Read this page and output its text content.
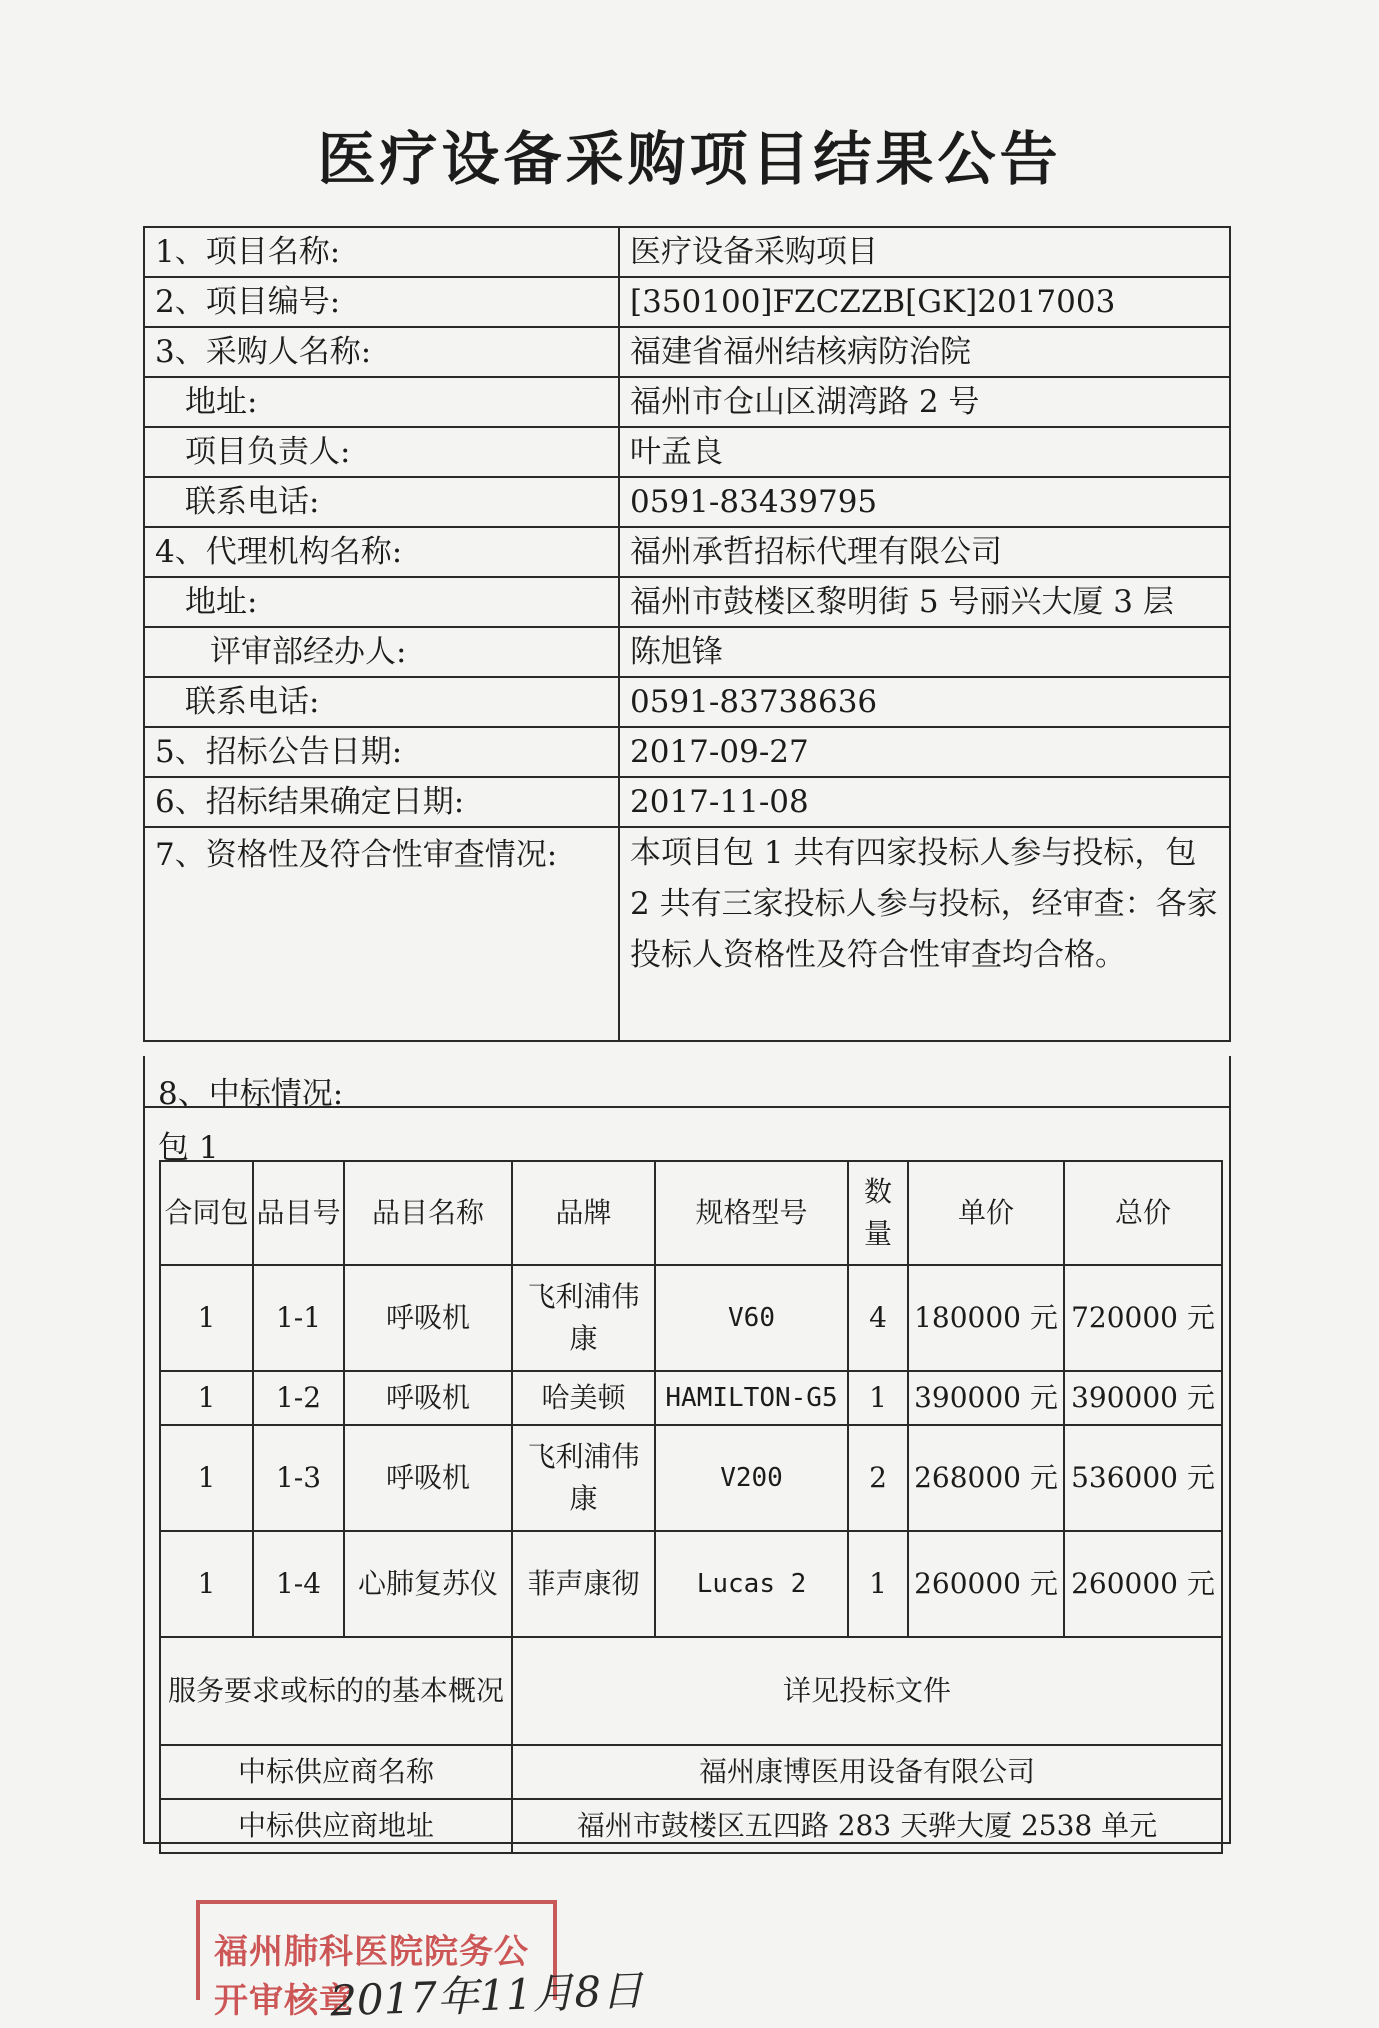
医疗设备采购项目结果公告
1、项目名称:	医疗设备采购项目
2、项目编号:	[350100]FZCZZB[GK]2017003
3、采购人名称:	福建省福州结核病防治院
地址:	福州市仓山区湖湾路 2 号
项目负责人:	叶孟良
联系电话:	0591-83439795
4、代理机构名称:	福州承哲招标代理有限公司
地址:	福州市鼓楼区黎明街 5 号丽兴大厦 3 层
评审部经办人:	陈旭锋
联系电话:	0591-83738636
5、招标公告日期:	2017-09-27
6、招标结果确定日期:	2017-11-08
7、资格性及符合性审查情况:	本项目包 1 共有四家投标人参与投标，包 2 共有三家投标人参与投标，经审查：各家投标人资格性及符合性审查均合格。
8、中标情况:
包 1
合同包	品目号	品目名称	品牌	规格型号	数量	单价	总价
1	1-1	呼吸机	飞利浦伟康	V60	4	180000 元	720000 元
1	1-2	呼吸机	哈美顿	HAMILTON-G5	1	390000 元	390000 元
1	1-3	呼吸机	飞利浦伟康	V200	2	268000 元	536000 元
1	1-4	心肺复苏仪	菲声康彻	Lucas 2	1	260000 元	260000 元
服务要求或标的的基本概况			详见投标文件				
中标供应商名称			福州康博医用设备有限公司				
中标供应商地址			福州市鼓楼区五四路 283 天骅大厦 2538 单元				
福州肺科医院院务公开审核章
2017年11月8日
